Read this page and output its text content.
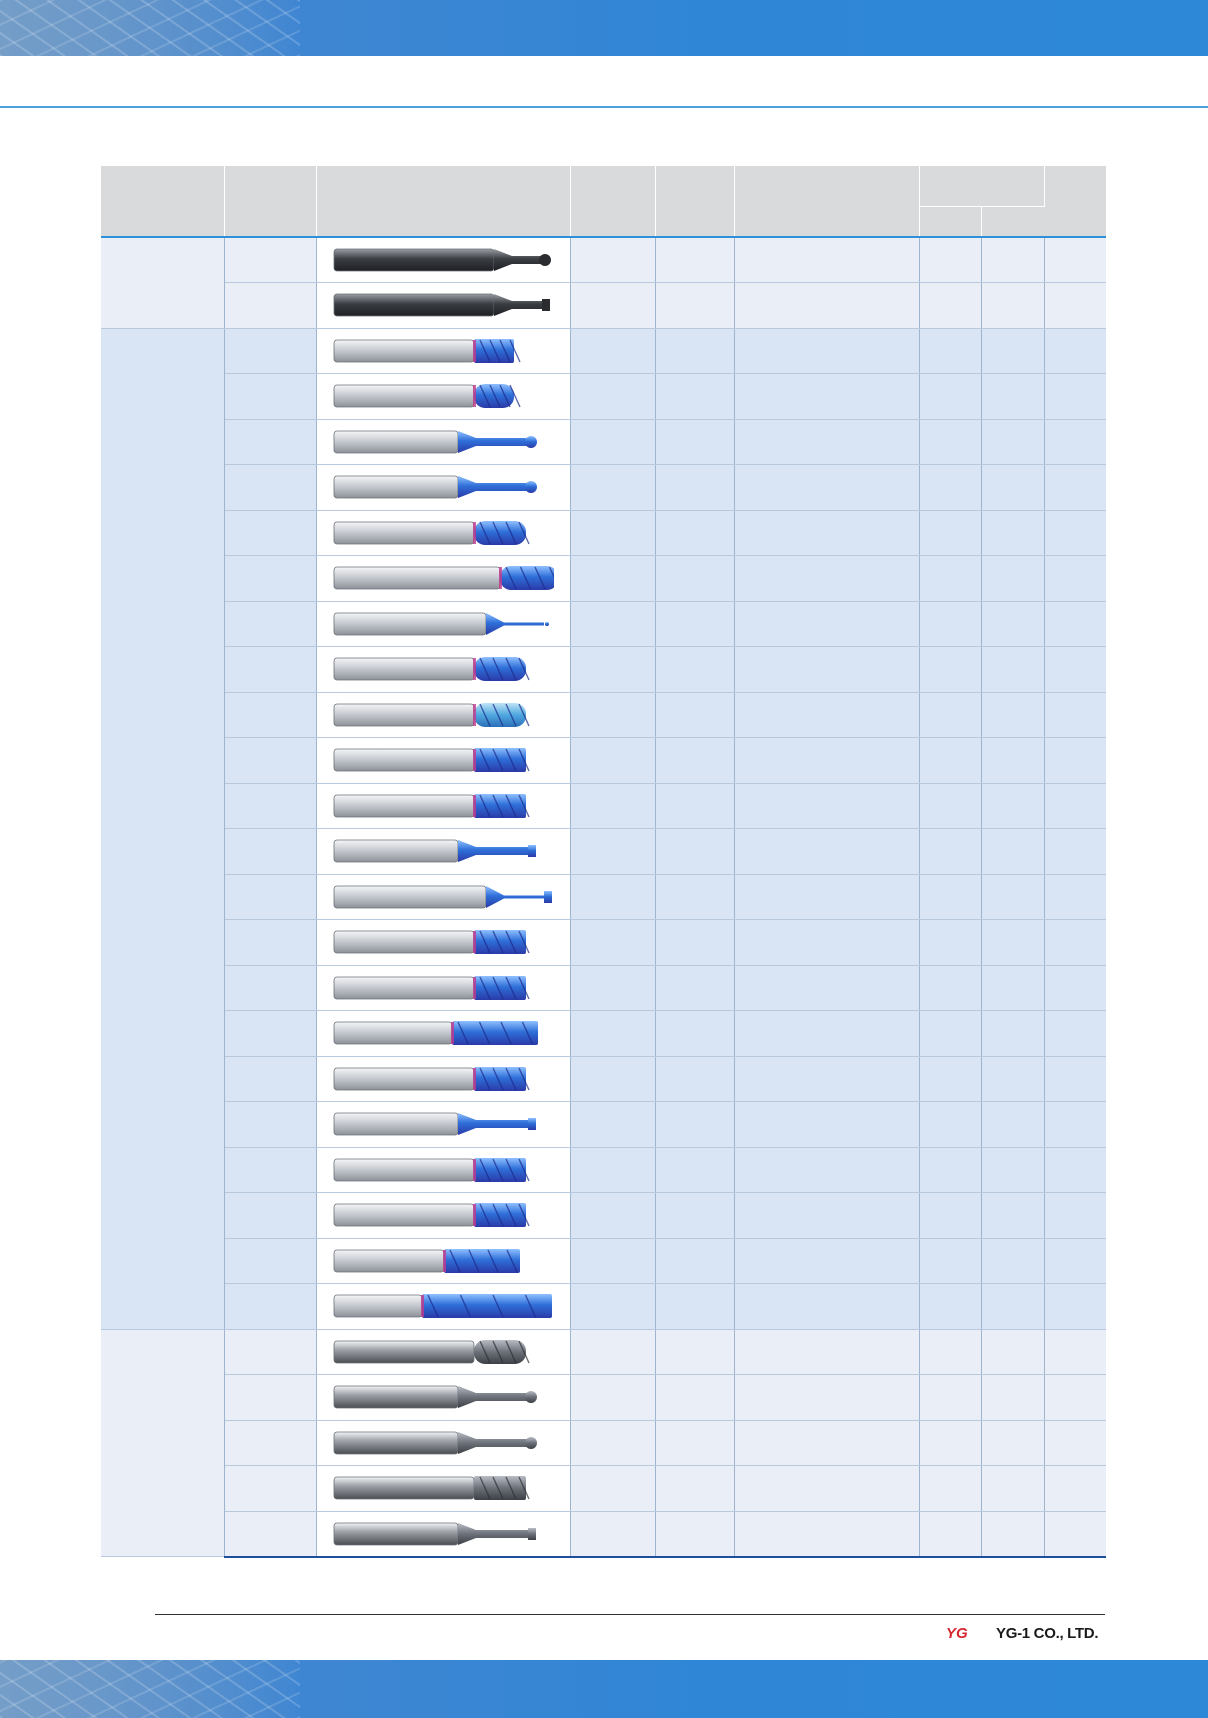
YG YG-1 CO., LTD.
